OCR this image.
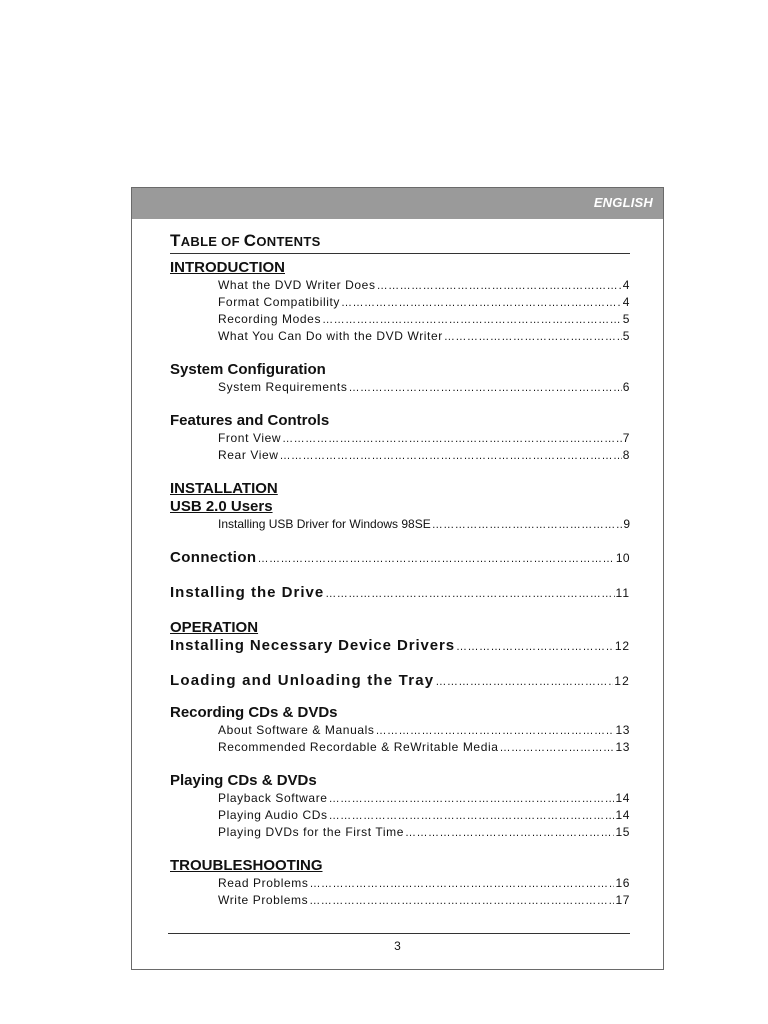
ENGLISH
TABLE OF CONTENTS
INTRODUCTION
What the DVD Writer Does …………………………………………………………………………………………………………………………………………………………………………………………………	4
Format Compatibility …………………………………………………………………………………………………………………………………………………………………………………………………	4
Recording Modes …………………………………………………………………………………………………………………………………………………………………………………………………	5
What You Can Do with the DVD Writer …………………………………………………………………………………………………………………………………………………………………………………………………	5
System Configuration
System Requirements …………………………………………………………………………………………………………………………………………………………………………………………………	6
Features and Controls
Front View …………………………………………………………………………………………………………………………………………………………………………………………………	7
Rear View …………………………………………………………………………………………………………………………………………………………………………………………………	8
INSTALLATION
USB 2.0 Users
Installing USB Driver for Windows 98SE …………………………………………………………………………………………………………………………………………………………………………………………………	9
Connection …………………………………………………………………………………………………………………………………………………………………………………………………	10
Installing the Drive …………………………………………………………………………………………………………………………………………………………………………………………………	11
OPERATION
Installing Necessary Device Drivers …………………………………………………………………………………………………………………………………………………………………………………………………	12
Loading and Unloading the Tray …………………………………………………………………………………………………………………………………………………………………………………………………	12
Recording CDs & DVDs
About Software & Manuals …………………………………………………………………………………………………………………………………………………………………………………………………	13
Recommended Recordable & ReWritable Media …………………………………………………………………………………………………………………………………………………………………………………………………	13
Playing CDs & DVDs
Playback Software …………………………………………………………………………………………………………………………………………………………………………………………………	14
Playing Audio CDs …………………………………………………………………………………………………………………………………………………………………………………………………	14
Playing DVDs for the First Time …………………………………………………………………………………………………………………………………………………………………………………………………	15
TROUBLESHOOTING
Read Problems …………………………………………………………………………………………………………………………………………………………………………………………………	16
Write Problems …………………………………………………………………………………………………………………………………………………………………………………………………	17
3
